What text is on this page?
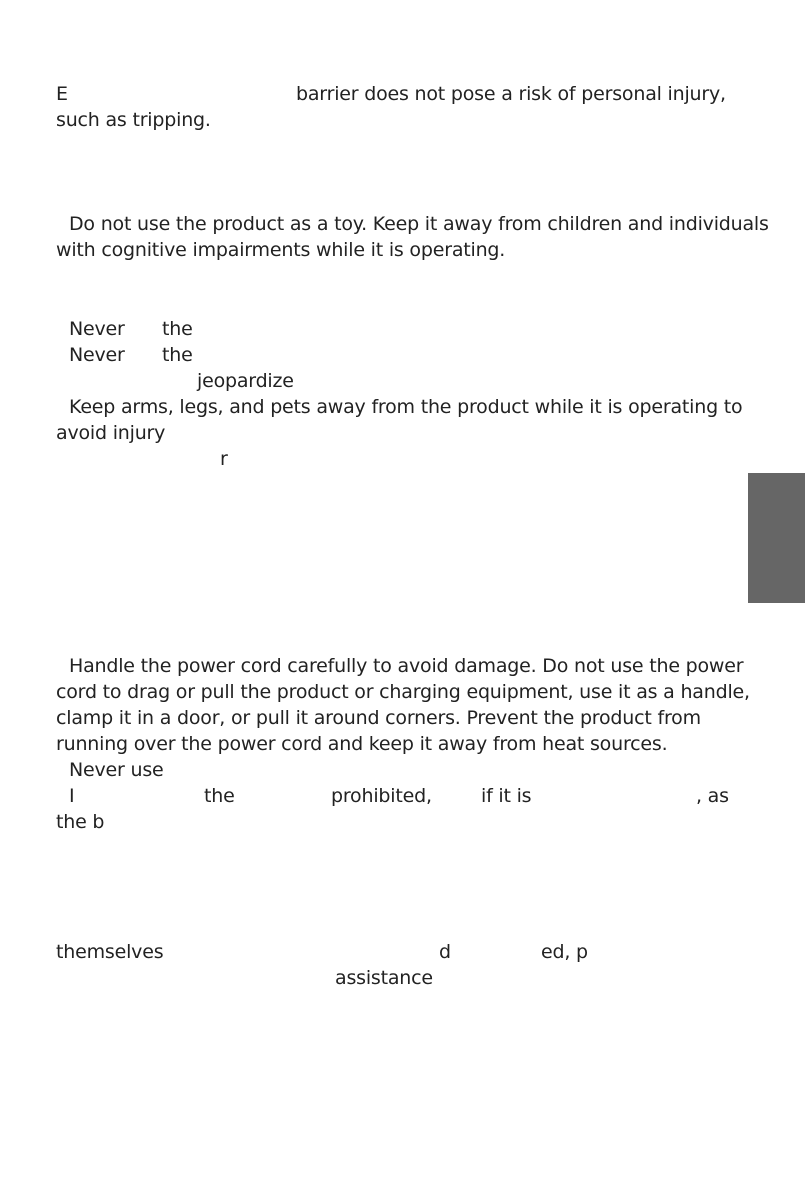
E	barrier does not pose a risk of personal injury,
such as tripping.
Do not use the product as a toy. Keep it away from children and individuals
with cognitive impairments while it is operating.
Never the
Never the
jeopardize
Keep arms, legs, and pets away from the product while it is operating to
avoid injury
r
Handle the power cord carefully to avoid damage. Do not use the power
cord to drag or pull the product or charging equipment, use it as a handle,
clamp it in a door, or pull it around corners. Prevent the product from
running over the power cord and keep it away from heat sources.
Never use
I	the	prohibited,	if it is	, as
the b
themselves	d	ed, p
assistance
